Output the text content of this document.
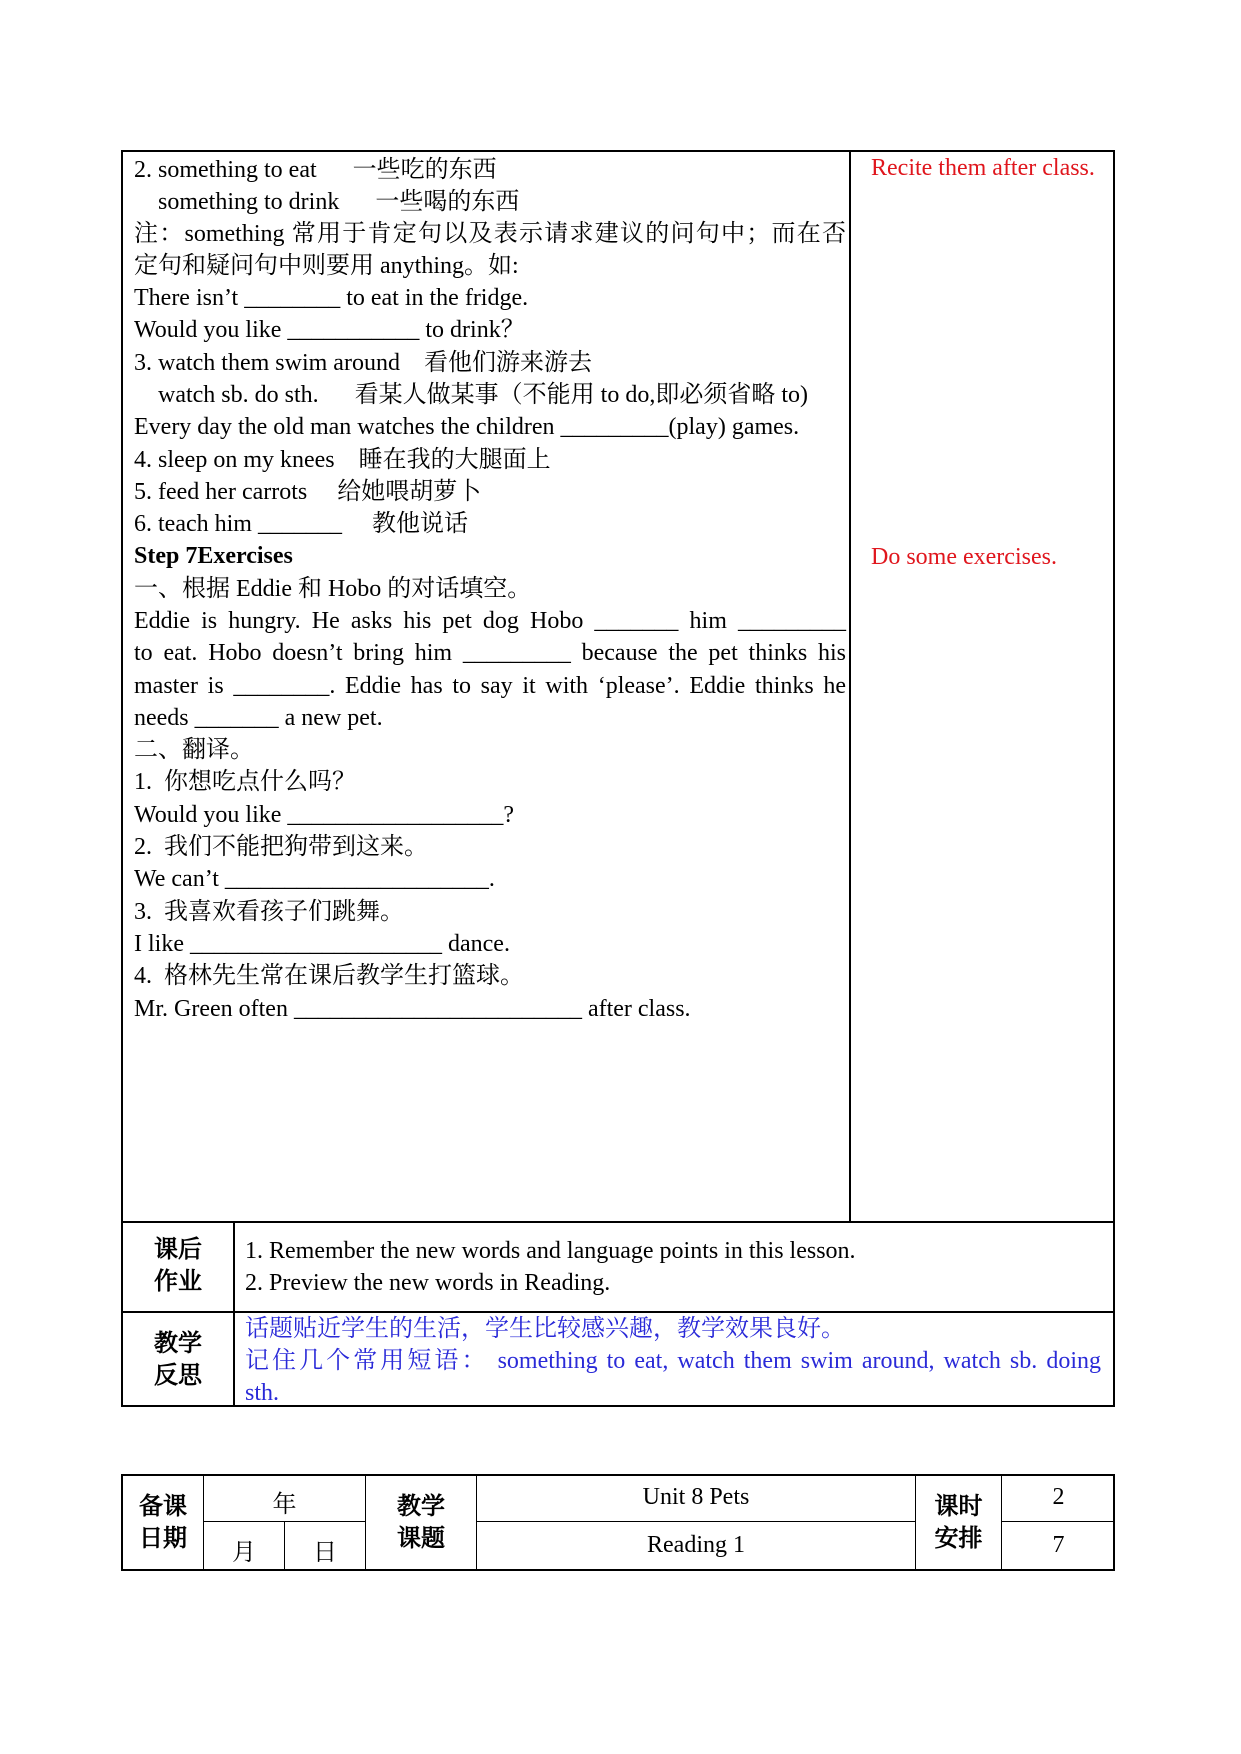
2. something to eat      一些吃的东西
something to drink      一些喝的东西
注：something 常用于肯定句以及表示请求建议的问句中；而在否
定句和疑问句中则要用 anything。如:
There isn’t ________ to eat in the fridge.
Would you like ___________ to drink？
3. watch them swim around    看他们游来游去
watch sb. do sth.      看某人做某事（不能用 to do,即必须省略 to)
Every day the old man watches the children _________(play) games.
4. sleep on my knees    睡在我的大腿面上
5. feed her carrots     给她喂胡萝卜
6. teach him _______     教他说话
Step 7Exercises
一、根据 Eddie 和 Hobo 的对话填空。
Eddie is hungry. He asks his pet dog Hobo _______ him _________
to eat. Hobo doesn’t bring him _________ because the pet thinks his
master is ________. Eddie has to say it with ‘please’. Eddie thinks he
needs _______ a new pet.
二、翻译。
1.  你想吃点什么吗？
Would you like __________________?
2.  我们不能把狗带到这来。
We can’t ______________________.
3.  我喜欢看孩子们跳舞。
I like _____________________ dance.
4.  格林先生常在课后教学生打篮球。
Mr. Green often ________________________ after class.
Recite them after class.
Do some exercises.
课后
作业
1. Remember the new words and language points in this lesson.
2. Preview the new words in Reading.
教学
反思
话题贴近学生的生活，学生比较感兴趣，教学效果良好。
记住几个常用短语： something to eat, watch them swim around, watch sb. doing
sth.
备课
日期
年
月	日
教学
课题
Unit 8 Pets
Reading 1
课时
安排
2
7
